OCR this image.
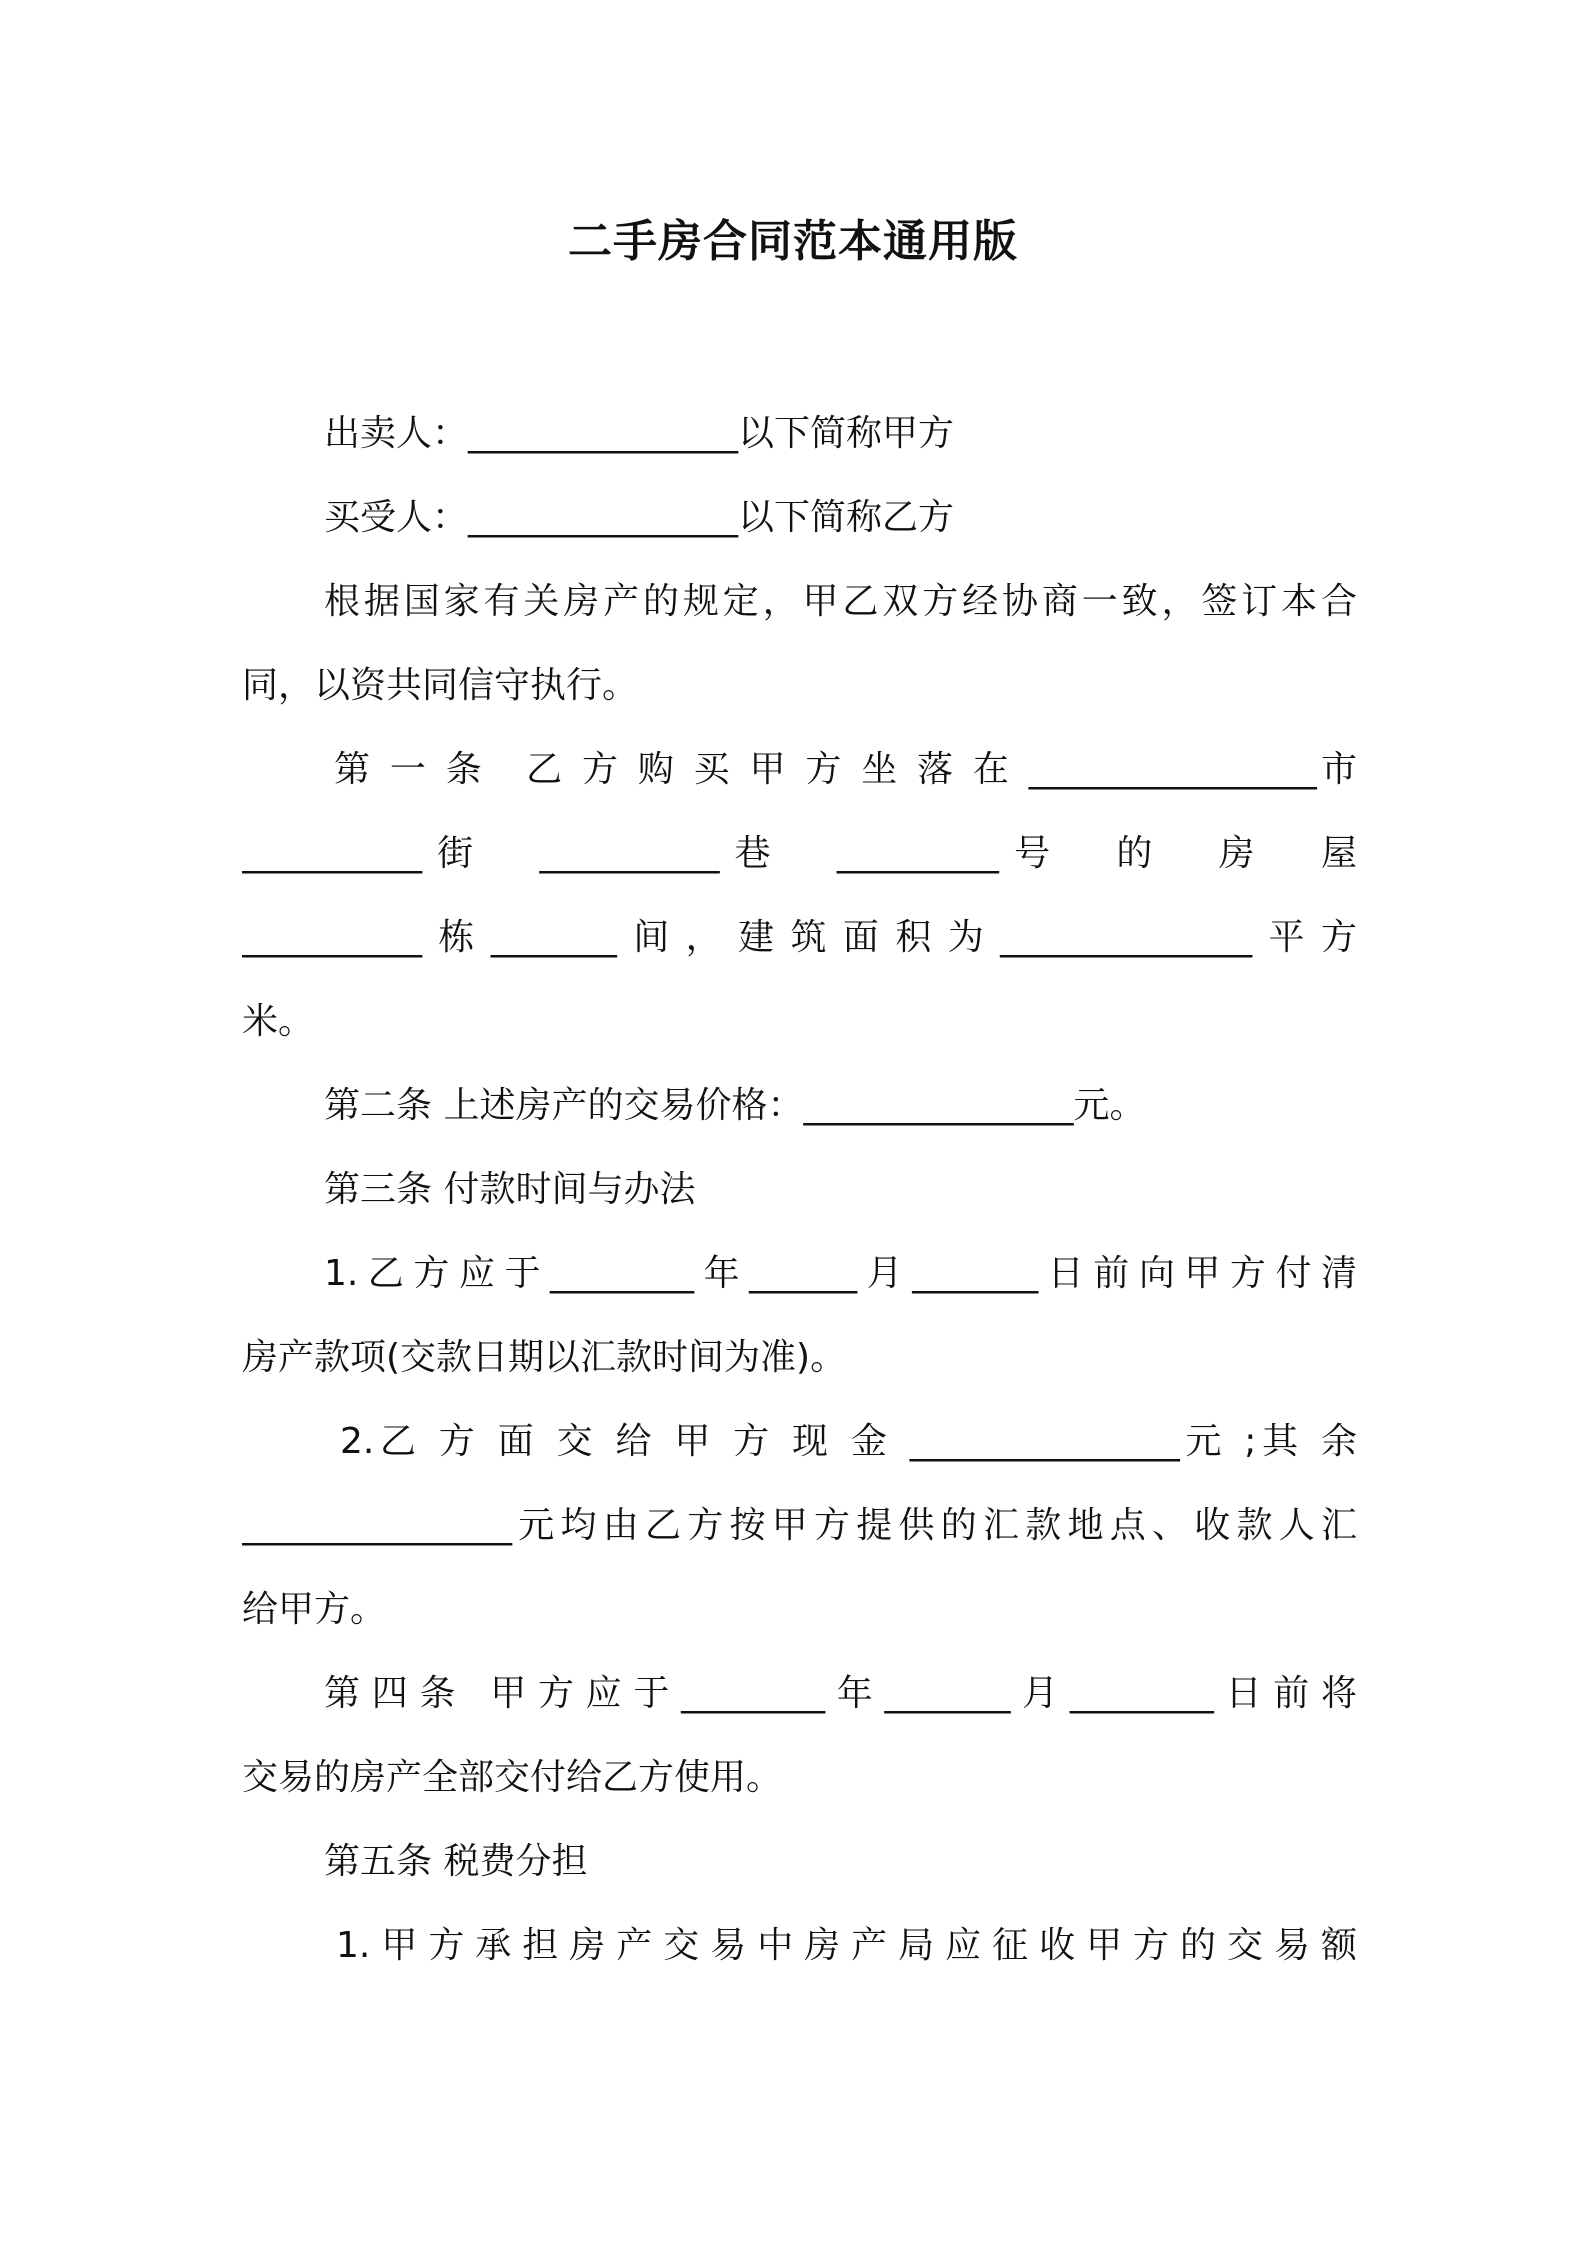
二手房合同范本通用版
出卖人：_______________以下简称甲方
买受人：_______________以下简称乙方
根据国家有关房产的规定，甲乙双方经协商一致，签订本合
同，以资共同信守执行。
第 一 条　乙 方 购 买 甲 方 坐 落 在 ________________市
__________街　__________巷　_________号　的　房　屋
__________栋_______间，建筑面积为______________平方
米。
第二条 上述房产的交易价格：_______________元。
第三条 付款时间与办法
1.乙方应于________年______月_______日前向甲方付清
房产款项(交款日期以汇款时间为准)。
2.乙 方 面 交 给 甲 方 现 金 _______________元 ;其 余
_______________元均由乙方按甲方提供的汇款地点、收款人汇
给甲方。
第四条 甲方应于________年_______月________日前将
交易的房产全部交付给乙方使用。
第五条 税费分担
1.甲方承担房产交易中房产局应征收甲方的交易额
